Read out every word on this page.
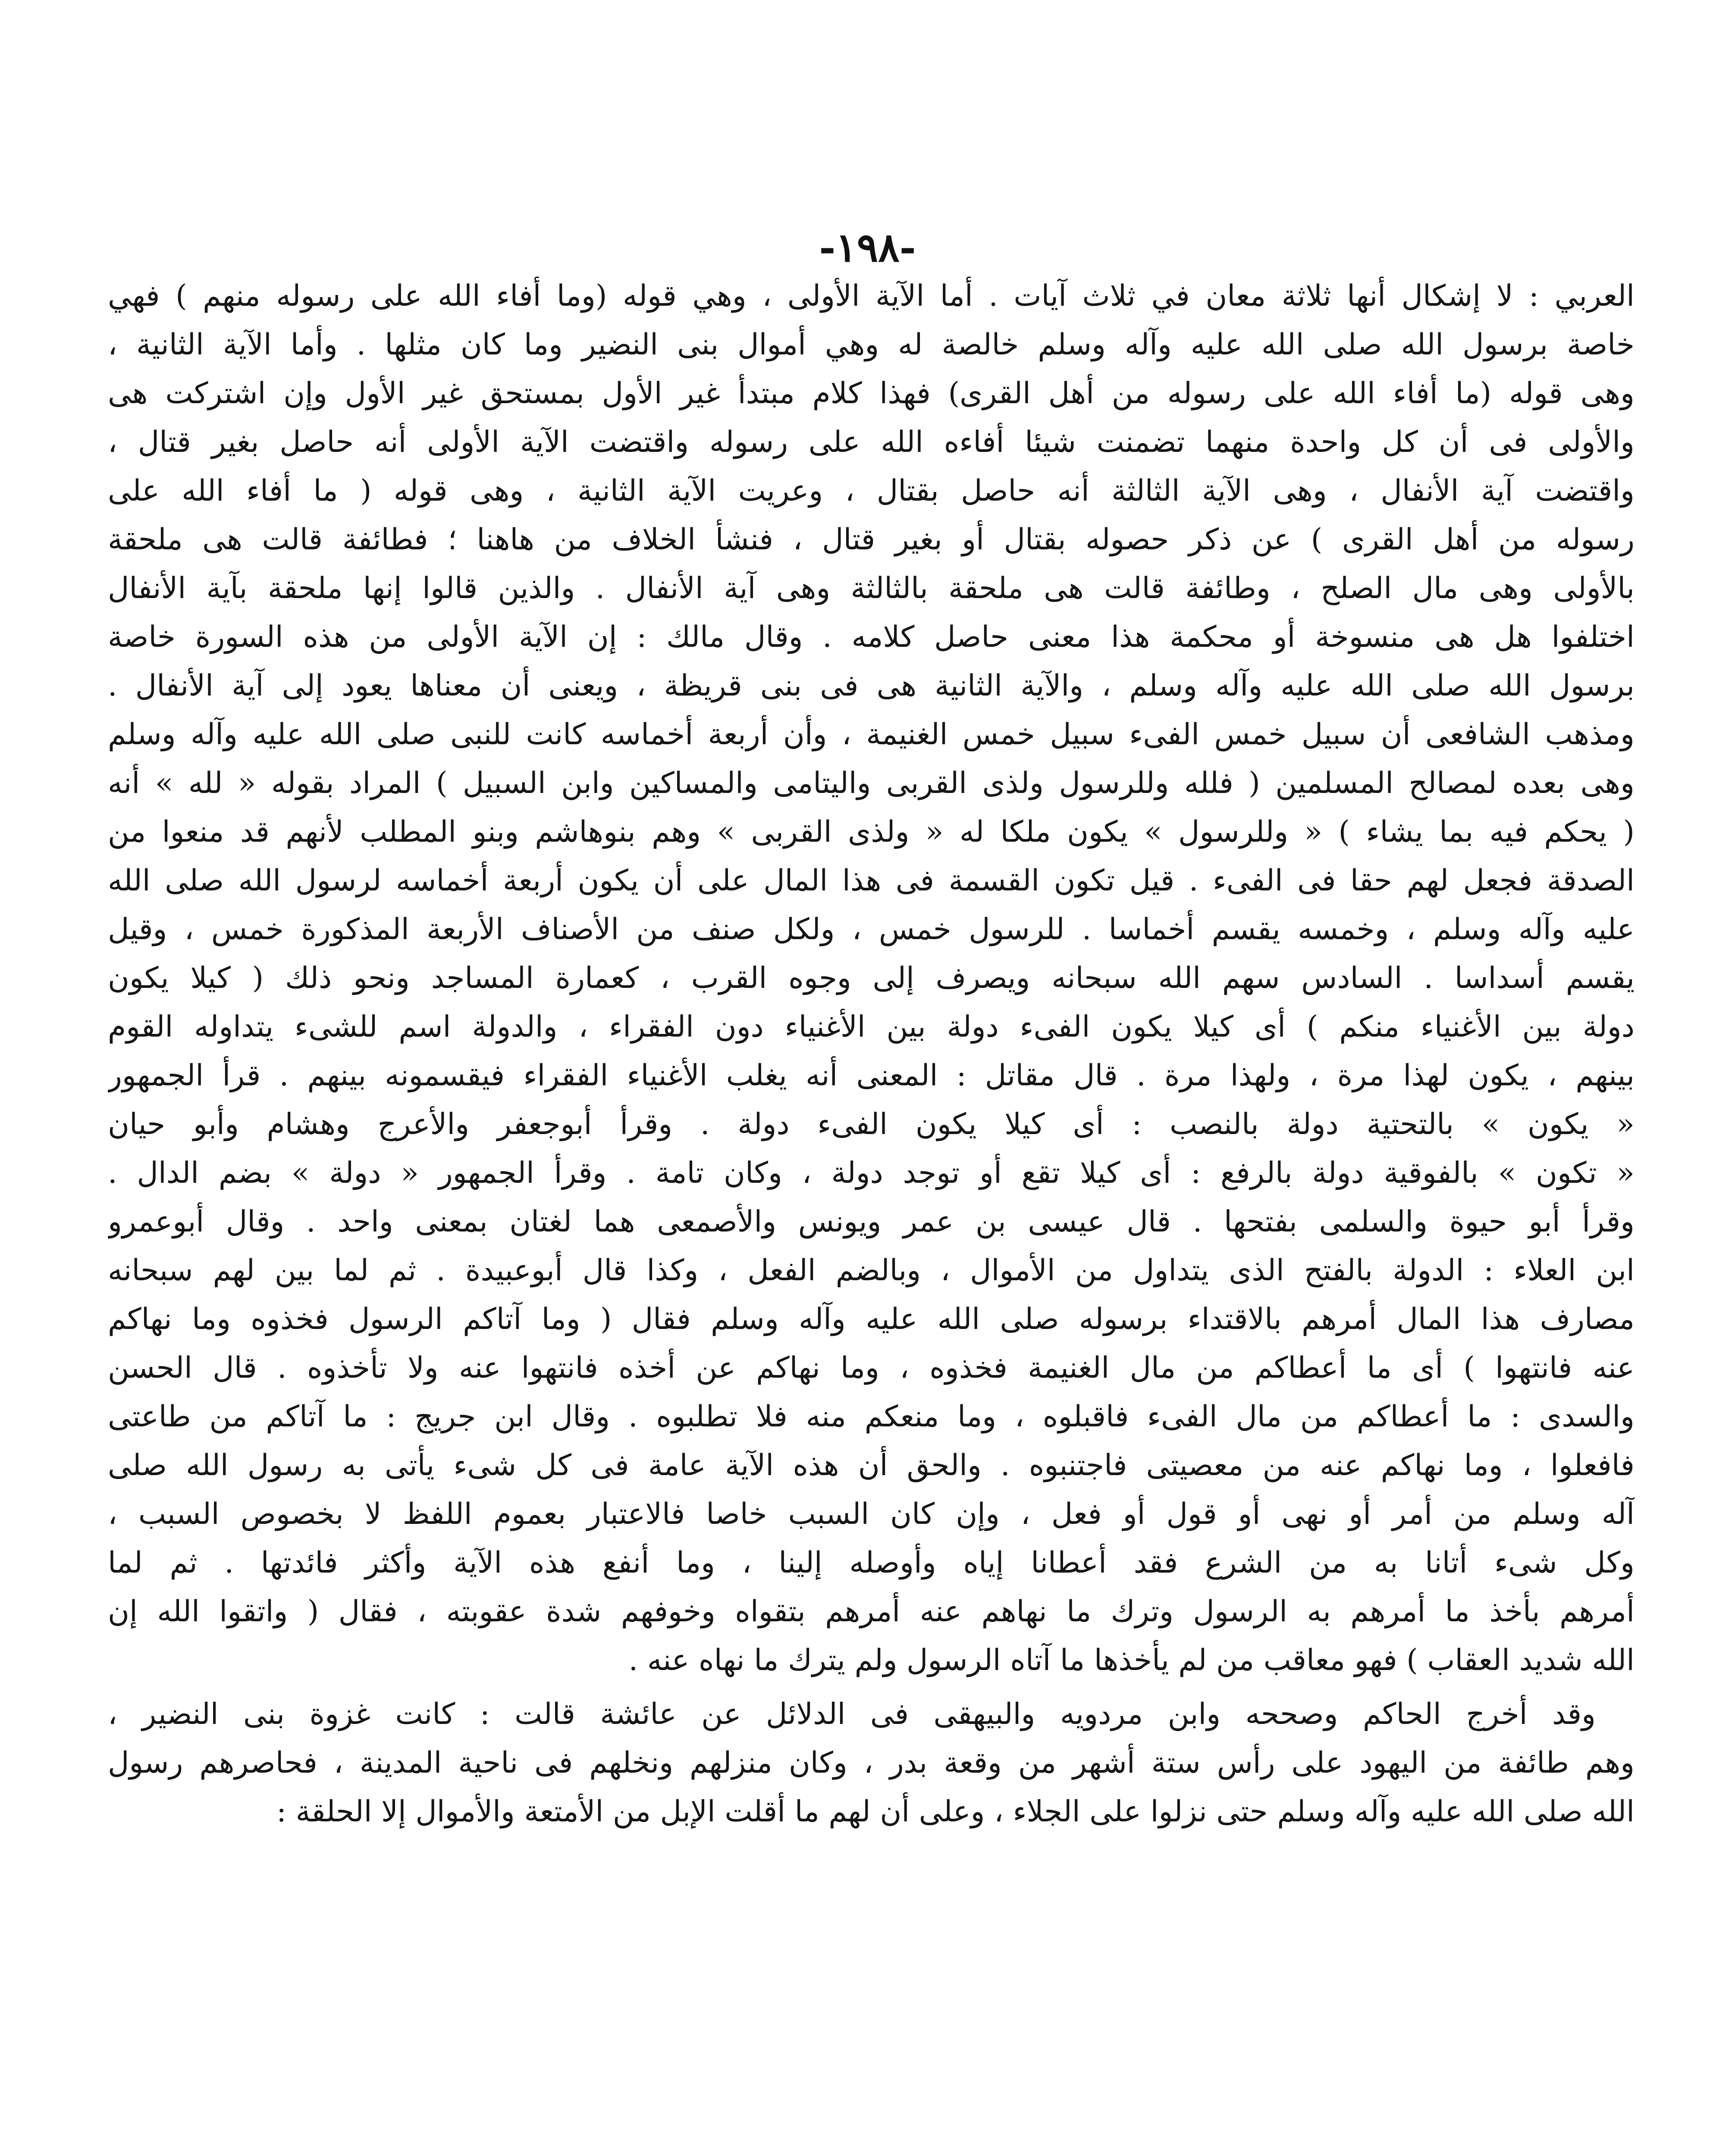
-١٩٨-
العربي : لا إشكال أنها ثلاثة معان في ثلاث آيات . أما الآية الأولى ، وهي قوله (وما أفاء الله على رسوله منهم ) فهي
خاصة برسول الله صلى الله عليه وآله وسلم خالصة له وهي أموال بنى النضير وما كان مثلها . وأما الآية الثانية ،
وهى قوله (ما أفاء الله على رسوله من أهل القرى) فهذا كلام مبتدأ غير الأول بمستحق غير الأول وإن اشتركت هى
والأولى فى أن كل واحدة منهما تضمنت شيئا أفاءه الله على رسوله واقتضت الآية الأولى أنه حاصل بغير قتال ،
واقتضت آية الأنفال ، وهى الآية الثالثة أنه حاصل بقتال ، وعريت الآية الثانية ، وهى قوله ( ما أفاء الله على
رسوله من أهل القرى ) عن ذكر حصوله بقتال أو بغير قتال ، فنشأ الخلاف من هاهنا ؛ فطائفة قالت هى ملحقة
بالأولى وهى مال الصلح ، وطائفة قالت هى ملحقة بالثالثة وهى آية الأنفال . والذين قالوا إنها ملحقة بآية الأنفال
اختلفوا هل هى منسوخة أو محكمة هذا معنى حاصل كلامه . وقال مالك : إن الآية الأولى من هذه السورة خاصة
برسول الله صلى الله عليه وآله وسلم ، والآية الثانية هى فى بنى قريظة ، ويعنى أن معناها يعود إلى آية الأنفال .
ومذهب الشافعى أن سبيل خمس الفىء سبيل خمس الغنيمة ، وأن أربعة أخماسه كانت للنبى صلى الله عليه وآله وسلم
وهى بعده لمصالح المسلمين ( فلله وللرسول ولذى القربى واليتامى والمساكين وابن السبيل ) المراد بقوله « لله » أنه
( يحكم فيه بما يشاء ) « وللرسول » يكون ملكا له « ولذى القربى » وهم بنوهاشم وبنو المطلب لأنهم قد منعوا من
الصدقة فجعل لهم حقا فى الفىء . قيل تكون القسمة فى هذا المال على أن يكون أربعة أخماسه لرسول الله صلى الله
عليه وآله وسلم ، وخمسه يقسم أخماسا . للرسول خمس ، ولكل صنف من الأصناف الأربعة المذكورة خمس ، وقيل
يقسم أسداسا . السادس سهم الله سبحانه ويصرف إلى وجوه القرب ، كعمارة المساجد ونحو ذلك ( كيلا يكون
دولة بين الأغنياء منكم ) أى كيلا يكون الفىء دولة بين الأغنياء دون الفقراء ، والدولة اسم للشىء يتداوله القوم
بينهم ، يكون لهذا مرة ، ولهذا مرة . قال مقاتل : المعنى أنه يغلب الأغنياء الفقراء فيقسمونه بينهم . قرأ الجمهور
« يكون » بالتحتية دولة بالنصب : أى كيلا يكون الفىء دولة . وقرأ أبوجعفر والأعرج وهشام وأبو حيان
« تكون » بالفوقية دولة بالرفع : أى كيلا تقع أو توجد دولة ، وكان تامة . وقرأ الجمهور « دولة » بضم الدال .
وقرأ أبو حيوة والسلمى بفتحها . قال عيسى بن عمر ويونس والأصمعى هما لغتان بمعنى واحد . وقال أبوعمرو
ابن العلاء : الدولة بالفتح الذى يتداول من الأموال ، وبالضم الفعل ، وكذا قال أبوعبيدة . ثم لما بين لهم سبحانه
مصارف هذا المال أمرهم بالاقتداء برسوله صلى الله عليه وآله وسلم فقال ( وما آتاكم الرسول فخذوه وما نهاكم
عنه فانتهوا ) أى ما أعطاكم من مال الغنيمة فخذوه ، وما نهاكم عن أخذه فانتهوا عنه ولا تأخذوه . قال الحسن
والسدى : ما أعطاكم من مال الفىء فاقبلوه ، وما منعكم منه فلا تطلبوه . وقال ابن جريج : ما آتاكم من طاعتى
فافعلوا ، وما نهاكم عنه من معصيتى فاجتنبوه . والحق أن هذه الآية عامة فى كل شىء يأتى به رسول الله صلى
آله وسلم من أمر أو نهى أو قول أو فعل ، وإن كان السبب خاصا فالاعتبار بعموم اللفظ لا بخصوص السبب ،
وكل شىء أتانا به من الشرع فقد أعطانا إياه وأوصله إلينا ، وما أنفع هذه الآية وأكثر فائدتها . ثم لما
أمرهم بأخذ ما أمرهم به الرسول وترك ما نهاهم عنه أمرهم بتقواه وخوفهم شدة عقوبته ، فقال ( واتقوا الله إن
الله شديد العقاب ) فهو معاقب من لم يأخذها ما آتاه الرسول ولم يترك ما نهاه عنه .
وقد أخرج الحاكم وصححه وابن مردويه والبيهقى فى الدلائل عن عائشة قالت : كانت غزوة بنى النضير ،
وهم طائفة من اليهود على رأس ستة أشهر من وقعة بدر ، وكان منزلهم ونخلهم فى ناحية المدينة ، فحاصرهم رسول
الله صلى الله عليه وآله وسلم حتى نزلوا على الجلاء ، وعلى أن لهم ما أقلت الإبل من الأمتعة والأموال إلا الحلقة :
